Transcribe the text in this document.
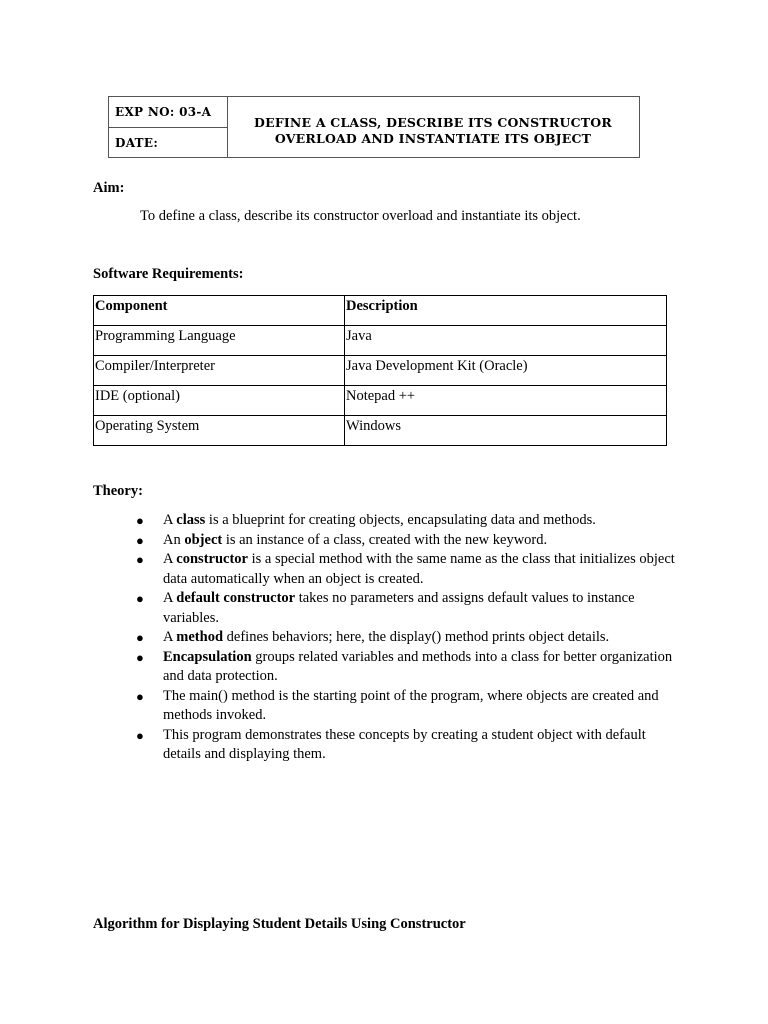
EXP NO: 03-A
DATE:
DEFINE A CLASS, DESCRIBE ITS CONSTRUCTOR
OVERLOAD AND INSTANTIATE ITS OBJECT
Aim:
To define a class, describe its constructor overload and instantiate its object.
Software Requirements:
Component	Description
Programming Language	Java
Compiler/Interpreter	Java Development Kit (Oracle)
IDE (optional)	Notepad ++
Operating System	Windows
Theory:
● A class is a blueprint for creating objects, encapsulating data and methods.
● An object is an instance of a class, created with the new keyword.
● A constructor is a special method with the same name as the class that initializes object data automatically when an object is created.
● A default constructor takes no parameters and assigns default values to instance variables.
● A method defines behaviors; here, the display() method prints object details.
● Encapsulation groups related variables and methods into a class for better organization and data protection.
● The main() method is the starting point of the program, where objects are created and methods invoked.
● This program demonstrates these concepts by creating a student object with default details and displaying them.
Algorithm for Displaying Student Details Using Constructor
